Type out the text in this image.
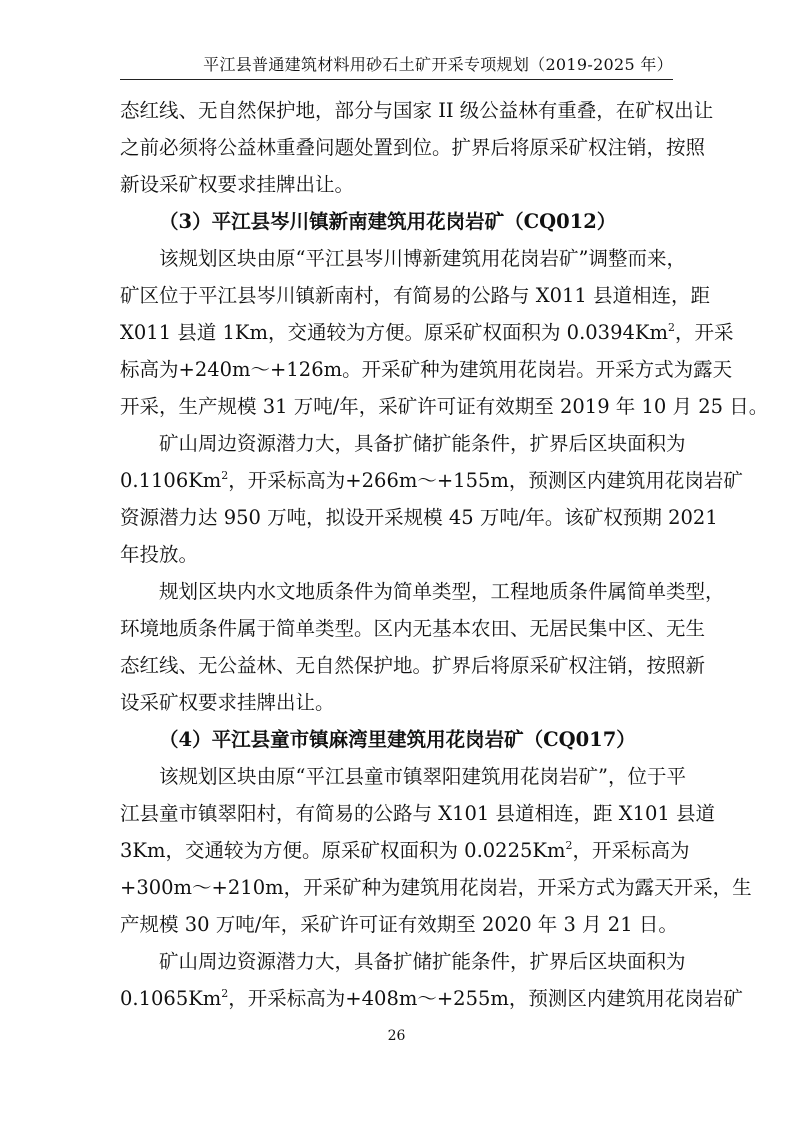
平江县普通建筑材料用砂石土矿开采专项规划（2019-2025 年）
态红线、无自然保护地，部分与国家 II 级公益林有重叠，在矿权出让
之前必须将公益林重叠问题处置到位。扩界后将原采矿权注销，按照
新设采矿权要求挂牌出让。
（3）平江县岑川镇新南建筑用花岗岩矿（CQ012）
该规划区块由原“平江县岑川博新建筑用花岗岩矿”调整而来，
矿区位于平江县岑川镇新南村，有简易的公路与 X011 县道相连，距
X011 县道 1Km，交通较为方便。原采矿权面积为 0.0394Km$^2$，开采
标高为+240m～+126m。开采矿种为建筑用花岗岩。开采方式为露天
开采，生产规模 31 万吨/年，采矿许可证有效期至 2019 年 10 月 25 日。
矿山周边资源潜力大，具备扩储扩能条件，扩界后区块面积为
0.1106Km$^2$，开采标高为+266m～+155m，预测区内建筑用花岗岩矿
资源潜力达 950 万吨，拟设开采规模 45 万吨/年。该矿权预期 2021
年投放。
规划区块内水文地质条件为简单类型，工程地质条件属简单类型，
环境地质条件属于简单类型。区内无基本农田、无居民集中区、无生
态红线、无公益林、无自然保护地。扩界后将原采矿权注销，按照新
设采矿权要求挂牌出让。
（4）平江县童市镇麻湾里建筑用花岗岩矿（CQ017）
该规划区块由原“平江县童市镇翠阳建筑用花岗岩矿”，位于平
江县童市镇翠阳村，有简易的公路与 X101 县道相连，距 X101 县道
3Km，交通较为方便。原采矿权面积为 0.0225Km$^2$，开采标高为
+300m～+210m，开采矿种为建筑用花岗岩，开采方式为露天开采，生
产规模 30 万吨/年，采矿许可证有效期至 2020 年 3 月 21 日。
矿山周边资源潜力大，具备扩储扩能条件，扩界后区块面积为
0.1065Km$^2$，开采标高为+408m～+255m，预测区内建筑用花岗岩矿
26
